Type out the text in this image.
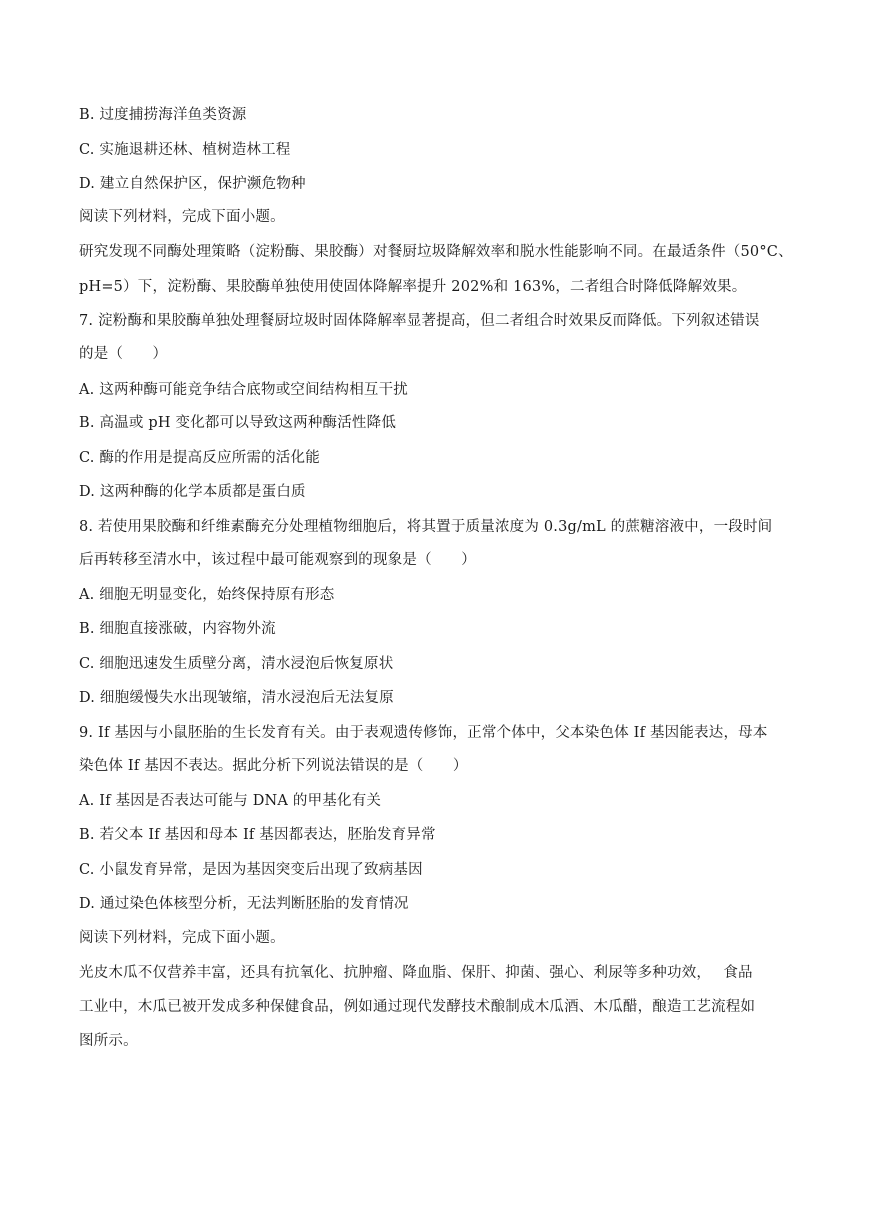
B. 过度捕捞海洋鱼类资源
C. 实施退耕还林、植树造林工程
D. 建立自然保护区，保护濒危物种
阅读下列材料，完成下面小题。
研究发现不同酶处理策略（淀粉酶、果胶酶）对餐厨垃圾降解效率和脱水性能影响不同。在最适条件（50°C、
pH=5）下，淀粉酶、果胶酶单独使用使固体降解率提升 202%和 163%，二者组合时降低降解效果。
7. 淀粉酶和果胶酶单独处理餐厨垃圾时固体降解率显著提高，但二者组合时效果反而降低。下列叙述错误
的是（　　）
A. 这两种酶可能竞争结合底物或空间结构相互干扰
B. 高温或 pH 变化都可以导致这两种酶活性降低
C. 酶的作用是提高反应所需的活化能
D. 这两种酶的化学本质都是蛋白质
8. 若使用果胶酶和纤维素酶充分处理植物细胞后，将其置于质量浓度为 0.3g/mL 的蔗糖溶液中，一段时间
后再转移至清水中，该过程中最可能观察到的现象是（　　）
A. 细胞无明显变化，始终保持原有形态
B. 细胞直接涨破，内容物外流
C. 细胞迅速发生质壁分离，清水浸泡后恢复原状
D. 细胞缓慢失水出现皱缩，清水浸泡后无法复原
9. If 基因与小鼠胚胎的生长发育有关。由于表观遗传修饰，正常个体中，父本染色体 If 基因能表达，母本
染色体 If 基因不表达。据此分析下列说法错误的是（　　）
A. If 基因是否表达可能与 DNA 的甲基化有关
B. 若父本 If 基因和母本 If 基因都表达，胚胎发育异常
C. 小鼠发育异常，是因为基因突变后出现了致病基因
D. 通过染色体核型分析，无法判断胚胎的发育情况
阅读下列材料，完成下面小题。
光皮木瓜不仅营养丰富，还具有抗氧化、抗肿瘤、降血脂、保肝、抑菌、强心、利尿等多种功效，　 食品
工业中，木瓜已被开发成多种保健食品，例如通过现代发酵技术酿制成木瓜酒、木瓜醋，酿造工艺流程如
图所示。
